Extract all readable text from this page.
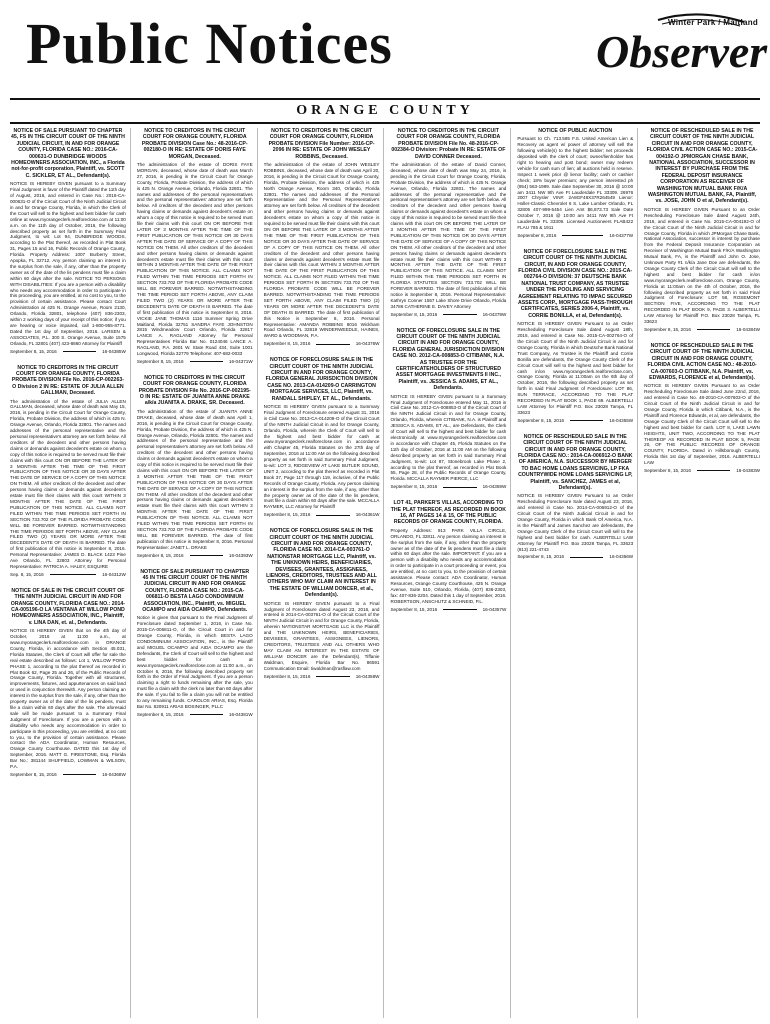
Public Notices	Winter Park / Maitland
Observer
ORANGE COUNTY
NOTICE OF SALE PURSUANT TO CHAPTER 45, FS IN THE CIRCUIT COURT OF THE NINTH JUDICIAL CIRCUIT, IN AND FOR ORANGE COUNTY, FLORIDA CASE NO.: 2016-CA-000631-O DUNBRIDGE WOODS HOMEOWNERS ASSOCIATION, INC., a Florida not-for-profit corporation, Plaintiff, vs. SCOTT C. SICKLER, ET AL., Defendant(s).

NOTICE IS HEREBY GIVEN pursuant to a Summary Final Judgment in favor of the Plaintiff dated the 11th day of August, 2016, and entered in Case No.: 2016-CA-000631-O of the Circuit Court of the Ninth Judicial Circuit in and for Orange County, Florida, in which the Clerk of the Court will sell to the highest and best bidder for cash online at www.myorangeclerk.realforeclose.com at 11:00 a.m. on the 11th day of October, 2016, the following described property as set forth in the Summary Final Judgment, to wit: Lot 94, DUNBRIDGE WOODS, according to the Plat thereof, as recorded in Plat Book 31, Pages 15 and 16, Public Records of Orange County, Florida. Property Address: 1007 Burberry Street, Apopka, FL 32712. Any person claiming an interest in the surplus from the sale, if any, other than the property owner as of the date of the lis pendens must file a claim within 60 days after the sale. NOTICE TO PERSONS WITH DISABILITIES: If you are a person with a disability who needs any accommodation in order to participate in this proceeding, you are entitled, at no cost to you, to the provision of certain assistance. Please contact Court Administration at 425 N. Orange Avenue, Room 2130, Orlando, Florida 32801, telephone (407) 836-2303, within 2 working days of your receipt of this notice; if you are hearing or voice impaired, call 1-800-955-8771. Dated the 1st day of September, 2016. LARSEN & ASSOCIATES, P.L. 300 S. Orange Avenue, Suite 1575 Orlando, FL 32801 (407) 423-8860 Attorney for Plaintiff

September 8, 15, 2016	16-04385W
NOTICE TO CREDITORS IN THE CIRCUIT COURT FOR ORANGE COUNTY, FLORIDA PROBATE DIVISION File No. 2016-CP-002263-O Division 2 IN RE: ESTATE OF JULIA ALLEN GALLMAN, Deceased.

The administration of the estate of JULIA ALLEN GALLMAN, deceased, whose date of death was May 15, 2016, is pending in the Circuit Court for Orange County, Florida, Probate Division, the address of which is 425 N. Orange Avenue, Orlando, Florida 32801. The names and addresses of the personal representative and the personal representative's attorney are set forth below. All creditors of the decedent and other persons having claims or demands against decedent's estate on whom a copy of this notice is required to be served must file their claims with this court ON OR BEFORE THE LATER OF 3 MONTHS AFTER THE TIME OF THE FIRST PUBLICATION OF THIS NOTICE OR 30 DAYS AFTER THE DATE OF SERVICE OF A COPY OF THIS NOTICE ON THEM. All other creditors of the decedent and other persons having claims or demands against decedent's estate must file their claims with this court WITHIN 3 MONTHS AFTER THE DATE OF THE FIRST PUBLICATION OF THIS NOTICE. ALL CLAIMS NOT FILED WITHIN THE TIME PERIODS SET FORTH IN SECTION 733.702 OF THE FLORIDA PROBATE CODE WILL BE FOREVER BARRED. NOTWITHSTANDING THE TIME PERIODS SET FORTH ABOVE, ANY CLAIM FILED TWO (2) YEARS OR MORE AFTER THE DECEDENT'S DATE OF DEATH IS BARRED. The date of first publication of this notice is September 8, 2016. Personal Representative: JAMES D. BLACK 1423 Pine Ave Orlando, FL 32803 Attorney for Personal Representative: PATRICIA A. HALEY, ESQUIRE

Sep. 8, 15, 2016	16-04312W
NOTICE OF SALE IN THE CIRCUIT COURT OF THE NINTH JUDICIAL CIRCUIT IN AND FOR ORANGE COUNTY, FLORIDA CASE NO.: 2014-CA-005196-O LA VENTANA AT WILLOW POND HOMEOWNERS ASSOCIATION, INC., Plaintiff, v. LINA DAN, et. al., Defendants.

NOTICE IS HEREBY GIVEN that on the 4th day of October, 2016 at 11:00 a.m., at www.myorangeclerk.realforeclose.com in ORANGE County, Florida, in accordance with Section 45.031, Florida Statutes, the Clerk of Court will offer for sale the real estate described as follows: Lot 1, WILLOW POND PHASE 1, according to the plat thereof as recorded in Plat Book 62, Page 25 and 26, of the Public Records of Orange County, Florida. Together with all structures, improvements, fixtures, and appurtenances on said land or used in conjunction therewith. Any person claiming an interest in the surplus from the sale, if any, other than the property owner as of the date of the lis pendens, must file a claim within 60 days after the sale. The aforesaid sale will be made pursuant to a Summary Final Judgment of Foreclosure. If you are a person with a disability who needs any accommodation in order to participate in this proceeding, you are entitled, at no cost to you, to the provision of certain assistance. Please contact the ADA Coordinator, Human Resources, Orange County Courthouse. DATED this 1st day of September, 2016. MATT G. FIRESTONE, Esq. Florida Bar No.: 381144 SHUFFIELD, LOWMAN & WILSON, P.A.

September 8, 15, 2016	16-04368W
NOTICE TO CREDITORS IN THE CIRCUIT COURT FOR ORANGE COUNTY, FLORIDA PROBATE DIVISION Case No.: 48-2016-CP-002180-O IN RE: ESTATE OF DORIS FAYE MORGAN, Deceased.

The administration of the estate of DORIS FAYE MORGAN, deceased, whose date of death was March 27, 2016, is pending in the Circuit Court for Orange County, Florida, Probate Division, the address of which is 425 N. Orange Avenue, Orlando, Florida 32801. The names and addresses of the personal representatives and the personal representatives' attorney are set forth below. All creditors of the decedent and other persons having claims or demands against decedent's estate on whom a copy of this notice is required to be served must file their claims with this court ON OR BEFORE THE LATER OF 3 MONTHS AFTER THE TIME OF THE FIRST PUBLICATION OF THIS NOTICE OR 30 DAYS AFTER THE DATE OF SERVICE OF A COPY OF THIS NOTICE ON THEM. All other creditors of the decedent and other persons having claims or demands against decedent's estate must file their claims with this court WITHIN 3 MONTHS AFTER THE DATE OF THE FIRST PUBLICATION OF THIS NOTICE. ALL CLAIMS NOT FILED WITHIN THE TIME PERIODS SET FORTH IN SECTION 733.702 OF THE FLORIDA PROBATE CODE WILL BE FOREVER BARRED. NOTWITHSTANDING THE TIME PERIOD SET FORTH ABOVE, ANY CLAIM FILED TWO (2) YEARS OR MORE AFTER THE DECEDENT'S DATE OF DEATH IS BARRED. The date of first publication of this notice is September 8, 2016. VICKIE JANE THOMAS 1116 Summer Spring Drive Maitland, Florida 32751 SANDRA FAYE JOHNSTON 2815 Windmeadow Court Orlando, Florida 32817 LANCE A. RAGLAND Attorney for Personal Representatives Florida Bar No. 0124046 LANCE A. RAGLAND, P.A. 2601 W. State Road 434, Suite 1001 Longwood, Florida 32779 Telephone: 407-682-0033

September 8, 15, 2016	16-04371W
NOTICE TO CREDITORS IN THE CIRCUIT COURT FOR ORANGE COUNTY, FLORIDA PROBATE DIVISION File No. 2016-CP-002195-O IN RE: ESTATE OF JUANITA ANNE DRAKE a/k/a JUANITA A. DRAKE, SR. Deceased.

The administration of the estate of JUANITA ANNE DRAKE, deceased, whose date of death was April 1, 2016, is pending in the Circuit Court for Orange County, Florida, Probate Division, the address of which is 425 N. Orange Avenue, Orlando, Florida 32801. The names and addresses of the personal representative and the personal representative's attorney are set forth below. All creditors of the decedent and other persons having claims or demands against decedent's estate on whom a copy of this notice is required to be served must file their claims with this court ON OR BEFORE THE LATER OF 3 MONTHS AFTER THE TIME OF THE FIRST PUBLICATION OF THIS NOTICE OR 30 DAYS AFTER THE DATE OF SERVICE OF A COPY OF THIS NOTICE ON THEM. All other creditors of the decedent and other persons having claims or demands against decedent's estate must file their claims with this court WITHIN 3 MONTHS AFTER THE DATE OF THE FIRST PUBLICATION OF THIS NOTICE. ALL CLAIMS NOT FILED WITHIN THE TIME PERIODS SET FORTH IN SECTION 733.702 OF THE FLORIDA PROBATE CODE WILL BE FOREVER BARRED. The date of first publication of this notice is September 8, 2016. Personal Representative: JANET L. DRAKE

September 8, 15, 2016	16-04393W
NOTICE OF SALE PURSUANT TO CHAPTER 45 IN THE CIRCUIT COURT OF THE NINTH JUDICIAL CIRCUIT IN AND FOR ORANGE COUNTY, FLORIDA CASE NO.: 2015-CA-006811-O BESTA LAGO CONDOMINIUM ASSOCIATION, INC., Plaintiff, vs. MIGUEL OCAMPO and AIDA OCAMPO, Defendants.

Notice is given that pursuant to the Final Judgment of Foreclosure dated September 1, 2016, in Case No. 2015-CA-006811-O, of the Circuit Court in and for Orange County, Florida, in which BESTA LAGO CONDOMINIUM ASSOCIATION, INC., is the Plaintiff and MIGUEL OCAMPO and AIDA OCAMPO are the Defendants, the Clerk of Court will sell to the highest and best bidder for cash at www.myorangeclerk.realforeclose.com at 11:00 a.m., on October 6, 2016, the following described property set forth in the Order of Final Judgment. If you are a person claiming a right to funds remaining after the sale, you must file a claim with the clerk no later than 60 days after the sale. If you fail to file a claim you will not be entitled to any remaining funds. CAROLOS ARIAS, Esq. Florida Bar No. 820911 ARIAS BOSINGER, PLLC

September 8, 15, 2016	16-04381W
NOTICE TO CREDITORS IN THE CIRCUIT COURT FOR ORANGE COUNTY, FLORIDA PROBATE DIVISION File Number: 2016-CP-2096 IN RE: ESTATE OF JOHN WESLEY ROBBINS, Deceased.

The administration of the estate of JOHN WESLEY ROBBINS, deceased, whose date of death was April 20, 2016, is pending in the Circuit Court for Orange County, Florida, Probate Division, the address of which is 425 North Orange Avenue, Room 340, Orlando, Florida 32801. The names and addresses of the Personal Representative and the Personal Representative's attorney are set forth below. All creditors of the decedent and other persons having claims or demands against decedent's estate on whom a copy of this notice is required to be served must file their claims with this court ON OR BEFORE THE LATER OF 3 MONTHS AFTER THE TIME OF THE FIRST PUBLICATION OF THIS NOTICE OR 30 DAYS AFTER THE DATE OF SERVICE OF A COPY OF THIS NOTICE ON THEM. All other creditors of the decedent and other persons having claims or demands against decedent's estate must file their claims with this court WITHIN 3 MONTHS AFTER THE DATE OF THE FIRST PUBLICATION OF THIS NOTICE. ALL CLAIMS NOT FILED WITHIN THE TIME PERIODS SET FORTH IN SECTION 733.702 OF THE FLORIDA PROBATE CODE WILL BE FOREVER BARRED. NOTWITHSTANDING THE TIME PERIODS SET FORTH ABOVE, ANY CLAIM FILED TWO (2) YEARS OR MORE AFTER THE DECEDENT'S DATE OF DEATH IS BARRED. The date of first publication of this Notice is September 8, 2016. Personal Representative: AMANDA ROBBINS 8016 Wickham Road Orlando, FL 32819 WINDERWEEDLE, HAINES, WARD & WOODMAN, P.A.

September 8, 15, 2016	16-04376W
NOTICE OF FORECLOSURE SALE IN THE CIRCUIT COURT OF THE NINTH JUDICIAL CIRCUIT IN AND FOR ORANGE COUNTY, FLORIDA GENERAL JURISDICTION DIVISION CASE NO. 2013-CA-014209-O CARRINGTON MORTGAGE SERVICES, LLC, Plaintiff, vs. RANDALL SHIPLEY, ET AL., Defendants.

NOTICE IS HEREBY GIVEN pursuant to a Summary Final Judgment of Foreclosure entered August 31, 2016 in Civil Case No. 2013-CA-014209-O of the Circuit Court of the NINTH Judicial Circuit in and for Orange County, Orlando, Florida, wherein the Clerk of Court will sell to the highest and best bidder for cash at www.myorangeclerk.realforeclose.com in accordance with Chapter 45, Florida Statutes on the 27th day of September, 2016 at 11:00 AM on the following described property as set forth in said Summary Final Judgment, to-wit: LOT 3, RIDGEVIEW AT LAKE BUTLER SOUND, UNIT 2, according to the plat thereof as recorded in Plat Book 37, Page 117 through 119, inclusive, of the Public Records of Orange County, Florida. Any person claiming an interest in the surplus from the sale, if any, other than the property owner as of the date of the lis pendens, must file a claim within 60 days after the sale. MCCALLA RAYMER, LLC Attorney for Plaintiff

September 8, 15, 2016	16-04361W
NOTICE OF FORECLOSURE SALE IN THE CIRCUIT COURT OF THE NINTH JUDICIAL CIRCUIT IN AND FOR ORANGE COUNTY, FLORIDA CASE NO. 2014-CA-003761-O NATIONSTAR MORTGAGE LLC, Plaintiff, vs. THE UNKNOWN HEIRS, BENEFICIARIES, DEVISEES, GRANTEES, ASSIGNEES, LIENORS, CREDITORS, TRUSTEES AND ALL OTHERS WHO MAY CLAIM AN INTEREST IN THE ESTATE OF WILLIAM DONCER, et al., Defendant(s).

NOTICE IS HEREBY GIVEN pursuant to a Final Judgment of Foreclosure dated August 23, 2016, and entered in 2014-CA-003761-O of the Circuit Court of the NINTH Judicial Circuit in and for Orange County, Florida, wherein NATIONSTAR MORTGAGE LLC is the Plaintiff and THE UNKNOWN HEIRS, BENEFICIARIES, DEVISEES, GRANTEES, ASSIGNEES, LIENORS, CREDITORS, TRUSTEES AND ALL OTHERS WHO MAY CLAIM AN INTEREST IN THE ESTATE OF WILLIAM DONCER are the Defendant(s). Tiffanie Waldman, Esquire, Florida Bar No. 86591 Communication Email: tiwaldman@rasflaw.com

September 8, 15, 2016	16-04358W
NOTICE TO CREDITORS IN THE CIRCUIT COURT FOR ORANGE COUNTY, FLORIDA PROBATE DIVISION File No. 48-2016-CP-002384-O Division: Probate IN RE: ESTATE OF DAVID CONNER Deceased.

The administration of the estate of David Conner, deceased, whose date of death was May 24, 2016, is pending in the Circuit Court for Orange County, Florida, Probate Division, the address of which is 425 N. Orange Avenue, Orlando, Florida 32801. The names and addresses of the personal representative and the personal representative's attorney are set forth below. All creditors of the decedent and other persons having claims or demands against decedent's estate on whom a copy of this notice is required to be served must file their claims with this court ON OR BEFORE THE LATER OF 3 MONTHS AFTER THE TIME OF THE FIRST PUBLICATION OF THIS NOTICE OR 30 DAYS AFTER THE DATE OF SERVICE OF A COPY OF THIS NOTICE ON THEM. All other creditors of the decedent and other persons having claims or demands against decedent's estate must file their claims with this court WITHIN 3 MONTHS AFTER THE DATE OF THE FIRST PUBLICATION OF THIS NOTICE. ALL CLAIMS NOT FILED WITHIN THE TIME PERIODS SET FORTH IN FLORIDA STATUTES SECTION 733.702 WILL BE FOREVER BARRED. The date of first publication of this notice is September 8, 2016. Personal Representative: Kathryn Conner 1557 Lake Shore Drive Orlando, Florida 34786 CATHERINE E. DAVEY Attorney

September 8, 15, 2016	16-04379W
NOTICE OF FORECLOSURE SALE IN THE CIRCUIT COURT OF THE NINTH JUDICIAL CIRCUIT IN AND FOR ORANGE COUNTY, FLORIDA GENERAL JURISDICTION DIVISION CASE NO. 2012-CA-008853-O CITIBANK, N.A. AS TRUSTEE FOR THE CERTIFICATEHOLDERS OF STRUCTURED ASSET MORTGAGE INVESTMENTS II INC., Plaintiff, vs. JESSICA S. ADAMS, ET AL., Defendants.

NOTICE IS HEREBY GIVEN pursuant to a Summary Final Judgment of Foreclosure entered May 11, 2016 in Civil Case No. 2012-CA-008853-O of the Circuit Court of the NINTH Judicial Circuit in and for Orange County, Orlando, Florida, wherein CITIBANK, N.A. is Plaintiff and JESSICA S. ADAMS, ET AL., are Defendants, the Clerk of Court will sell to the highest and best bidder for cash electronically at www.myorangeclerk.realforeclose.com in accordance with Chapter 45, Florida Statutes on the 11th day of October, 2016 at 11:00 AM on the following described property as set forth in said Summary Final Judgment, to-wit: Lot 87, Stonebrook Lake Phase 2, according to the plat thereof, as recorded in Plat Book 55, Page 28, of the Public Records of Orange County, Florida. MCCALLA RAYMER PIERCE, LLC

September 8, 15, 2016	16-04359W
LOT 41, PARKER'S VILLAS, ACCORDING TO THE PLAT THEREOF, AS RECORDED IN BOOK 16, AT PAGES 14 & 15, OF THE PUBLIC RECORDS OF ORANGE COUNTY, FLORIDA.

Property Address: 913 PARK VILLA CIRCLE, ORLANDO, FL 32811. Any person claiming an interest in the surplus from the sale, if any, other than the property owner as of the date of the lis pendens must file a claim within 60 days after the sale. IMPORTANT: If you are a person with a disability who needs any accommodation in order to participate in a court proceeding or event, you are entitled, at no cost to you, to the provision of certain assistance. Please contact: ADA Coordinator, Human Resources, Orange County Courthouse, 425 N. Orange Avenue, Suite 510, Orlando, Florida, (407) 836-2303, fax: 407-836-2204. Dated this 1 day of September, 2016. ROBERTSON, ANSCHUTZ & SCHNEID, P.L.

September 8, 15, 2016	16-04357W
NOTICE OF PUBLIC AUCTION

Pursuant to Ch. 713.585 F.S. United American Lien & Recovery as agent w/ power of attorney will sell the following vehicle(s) to the highest bidder; net proceeds deposited with the clerk of court; owner/lienholder has right to hearing and post bond; owner may redeem vehicle for cash sum of lien; all auctions held in reserve. Inspect 1 week prior @ lienor facility; cash or cashier check; 18% buyer premium; any person interested ph (954) 563-1999. Sale date September 30, 2016 @ 10:00 am 3411 NW 9th Ave Ft Lauderdale FL 33309. 26976 2007 Chrysler VIN#: 2A8GF48X37R264549 Lienor: Holler-Classic Chevrolet 6 S. Lake Lumber Orlando, FL 32805 407-999-5454 Lien Amt $6,873.73 Sale Date October 7, 2016 @ 10:00 am 3411 NW 9th Ave Ft Lauderdale FL 33309. Licensed Auctioneers FLAB422 FLAU 765 & 1911

September 8, 2016	16-04377W
NOTICE OF FORECLOSURE SALE IN THE CIRCUIT COURT OF THE NINTH JUDICIAL CIRCUIT, IN AND FOR ORANGE COUNTY, FLORIDA CIVIL DIVISION CASE NO.: 2015-CA-002764-O DIVISION: 37 DEUTSCHE BANK NATIONAL TRUST COMPANY, AS TRUSTEE UNDER THE POOLING AND SERVICING AGREEMENT RELATING TO IMPAC SECURED ASSETS CORP., MORTGAGE PASS-THROUGH CERTIFICATES, SERIES 2006-4, Plaintiff, vs. CORRIE BONILLA, et al, Defendant(s).

NOTICE IS HEREBY GIVEN Pursuant to an Order Rescheduling Foreclosure Sale dated August 18th, 2016, and entered in Case No. 2015-CA-002764-O of the Circuit Court of the Ninth Judicial Circuit in and for Orange County, Florida in which Deutsche Bank National Trust Company, As Trustee is the Plaintiff and Corrie Bonilla are defendants, the Orange County Clerk of the Circuit Court will sell to the highest and best bidder for cash in/on www.myorangeclerk.realforeclose.com, Orange County, Florida at 11:00am on the 6th day of October, 2016, the following described property as set forth in said Final Judgment of Foreclosure: LOT 86, SUN TERRACE, ACCORDING TO THE PLAT RECORDED IN PLAT BOOK 1, PAGE 69. ALBERTELLI LAW Attorney for Plaintiff P.O. Box 23028 Tampa, FL 33623

September 8, 15, 2016	16-04355W
NOTICE OF RESCHEDULED SALE IN THE CIRCUIT COURT OF THE NINTH JUDICIAL CIRCUIT IN AND FOR ORANGE COUNTY, FLORIDA CASE NO.: 2014-CA-006912-O BANK OF AMERICA, N.A. SUCCESSOR BY MERGER TO BAC HOME LOANS SERVICING, LP FKA COUNTRYWIDE HOME LOANS SERVICING LP, Plaintiff, vs. SANCHEZ, JAMES et al, Defendant(s).

NOTICE IS HEREBY GIVEN Pursuant to an Order Rescheduling Foreclosure Sale dated August 23, 2016, and entered in Case No. 2014-CA-006912-O of the Circuit Court of the Ninth Judicial Circuit in and for Orange County, Florida in which Bank Of America, N.A. is the Plaintiff and James Sanchez are defendants, the Orange County Clerk of the Circuit Court will sell to the highest and best bidder for cash. ALBERTELLI LAW Attorney for Plaintiff P.O. Box 23028 Tampa, FL 33623 (813) 221-4743

September 8, 15, 2016	16-04356W
NOTICE OF RESCHEDULED SALE IN THE CIRCUIT COURT OF THE NINTH JUDICIAL CIRCUIT IN AND FOR ORANGE COUNTY, FLORIDA CIVIL ACTION CASE NO.: 2015-CA-004192-O JPMORGAN CHASE BANK, NATIONAL ASSOCIATION, SUCCESSOR IN INTEREST BY PURCHASE FROM THE FEDERAL DEPOSIT INSURANCE CORPORATION AS RECEIVER OF WASHINGTON MUTUAL BANK F/K/A WASHINGTON MUTUAL BANK, FA, Plaintiff, vs. JOSE, JOHN O et al, Defendant(s).

NOTICE IS HEREBY GIVEN Pursuant to an Order Rescheduling Foreclosure Sale dated August 24th, 2016, and entered in Case No. 2015-CA-004192-O of the Circuit Court of the Ninth Judicial Circuit in and for Orange County, Florida in which JPMorgan Chase Bank, National Association, successor in interest by purchase from the Federal Deposit Insurance Corporation as Receiver of Washington Mutual Bank F/K/A Washington Mutual Bank, FA, is the Plaintiff and John O. Jose, Unknown Party #1 n/k/a Jane Doe are defendants, the Orange County Clerk of the Circuit Court will sell to the highest and best bidder for cash in/on www.myorangeclerk.realforeclose.com, Orange County, Florida at 11:00am on the 4th of October, 2016, the following described property as set forth in said Final Judgment of Foreclosure: LOT 58, ROSEMONT SECTION FIVE, ACCORDING TO THE PLAT RECORDED IN PLAT BOOK 9, PAGE 3. ALBERTELLI LAW Attorney for Plaintiff P.O. Box 23028 Tampa, FL 33623

September 8, 15, 2016	16-04384W
NOTICE OF RESCHEDULED SALE IN THE CIRCUIT COURT OF THE NINTH JUDICIAL CIRCUIT IN AND FOR ORANGE COUNTY, FLORIDA CIVIL ACTION CASE NO.: 48-2010-CA-007603-O CITIBANK, N.A. Plaintiff, vs. EDWARDS, FLORENCE et al, Defendant(s).

NOTICE IS HEREBY GIVEN Pursuant to an Order Rescheduling Foreclosure Sale dated June 22nd, 2016, and entered in Case No. 48-2010-CA-007603-O of the Circuit Court of the Ninth Judicial Circuit in and for Orange County, Florida in which Citibank, N.A., is the Plaintiff and Florence Edwards, et al, are defendants, the Orange County Clerk of the Circuit Court will sell to the highest and best bidder for cash. LOT 8, LAKE LAWN HEIGHTS, UNIT TWO, ACCORDING TO THE PLAT THEREOF AS RECORDED IN PLAT BOOK 5, PAGE 20, OF THE PUBLIC RECORDS OF ORANGE COUNTY, FLORIDA. Dated in Hillsborough County, Florida this 1st day of September, 2016. ALBERTELLI LAW

September 8, 15, 2016	16-04383W
